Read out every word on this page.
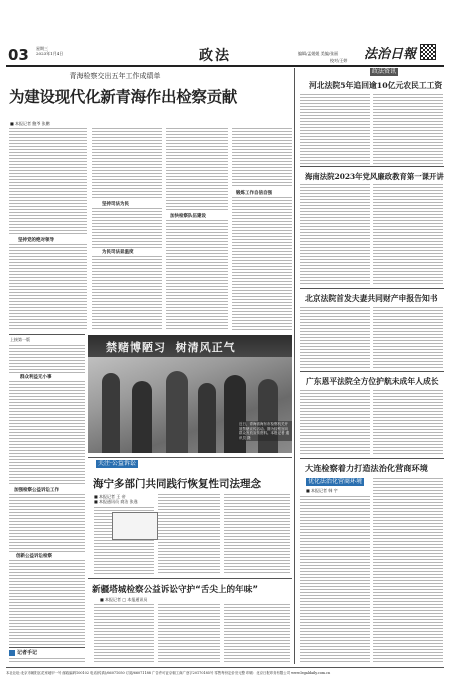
03 星期三
2023年1月4日	政法	编辑/孟媛媛 美编/张丽
校对/王婷 法治日報
青海检察交出五年工作成绩单
为建设现代化新青海作出检察贡献
■ 本报记者 鲍爷 张鹏
坚持党的绝对领导
坚持司法为民
为民司法显温度
加快检察队伍建设
锻炼工作自信自强
上接第一版
群众利益无小事
加强检察公益诉讼工作
创新公益诉讼检察
记者手记
禁赌博陋习  树清风正气
近日，青海省海东市检察机关开展禁赌宣传活动。图为检察官向群众发放宣传资料。本报记者 通讯员 摄
关注·公益诉讼
海宁多部门共同践行恢复性司法理念
■ 本报记者 王 帝
■ 本报通讯员 商洁 张逸
新疆塔城检察公益诉讼守护“舌尖上的年味”
■ 本报记者 □ 本报通讯员
政法资讯
河北法院5年追回逾10亿元农民工工资
海南法院2023年党风廉政教育第一课开讲
北京法院首发夫妻共同财产申报告知书
广东恩平法院全方位护航未成年人成长
大连检察着力打造法治化营商环境
优化法治化营商环境
■ 本报记者 韩 宇
本社社址:北京市朝阳区花家地甲一号 邮政编码100102 电话(传真)/66071050 订阅/66071188 广告许可证京朝工商广登字20170185号 零售每份定价叁元整 印刷：北京日报印务有限公司 www.legaldaily.com.cn
